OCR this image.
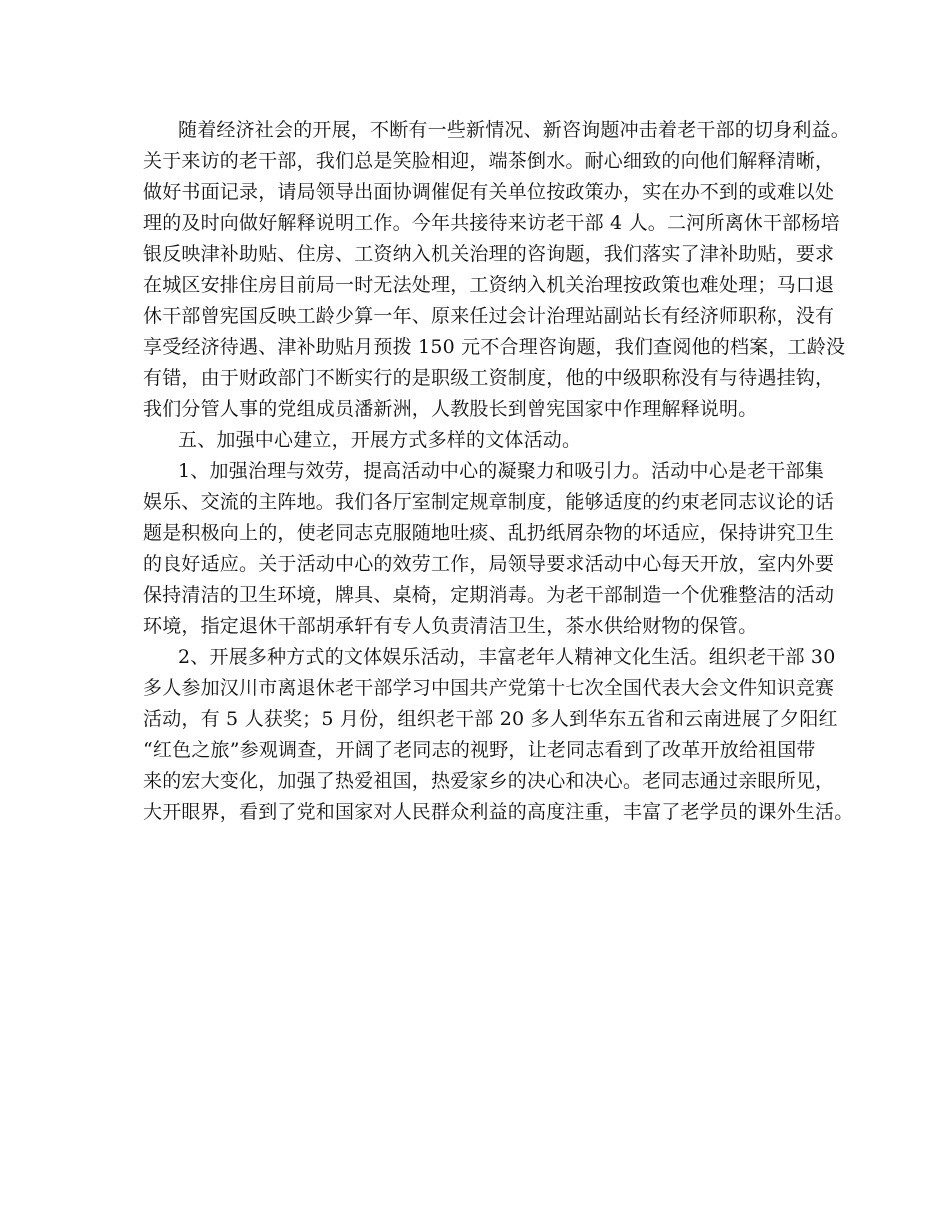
随着经济社会的开展，不断有一些新情况、新咨询题冲击着老干部的切身利益。
关于来访的老干部，我们总是笑脸相迎，端茶倒水。耐心细致的向他们解释清晰，
做好书面记录，请局领导出面协调催促有关单位按政策办，实在办不到的或难以处
理的及时向做好解释说明工作。今年共接待来访老干部 4 人。二河所离休干部杨培
银反映津补助贴、住房、工资纳入机关治理的咨询题，我们落实了津补助贴，要求
在城区安排住房目前局一时无法处理，工资纳入机关治理按政策也难处理；马口退
休干部曾宪国反映工龄少算一年、原来任过会计治理站副站长有经济师职称，没有
享受经济待遇、津补助贴月预拨 150 元不合理咨询题，我们查阅他的档案，工龄没
有错，由于财政部门不断实行的是职级工资制度，他的中级职称没有与待遇挂钩，
我们分管人事的党组成员潘新洲，人教股长到曾宪国家中作理解释说明。
五、加强中心建立，开展方式多样的文体活动。
1、加强治理与效劳，提高活动中心的凝聚力和吸引力。活动中心是老干部集
娱乐、交流的主阵地。我们各厅室制定规章制度，能够适度的约束老同志议论的话
题是积极向上的，使老同志克服随地吐痰、乱扔纸屑杂物的坏适应，保持讲究卫生
的良好适应。关于活动中心的效劳工作，局领导要求活动中心每天开放，室内外要
保持清洁的卫生环境，牌具、桌椅，定期消毒。为老干部制造一个优雅整洁的活动
环境，指定退休干部胡承轩有专人负责清洁卫生，茶水供给财物的保管。
2、开展多种方式的文体娱乐活动，丰富老年人精神文化生活。组织老干部 30
多人参加汉川市离退休老干部学习中国共产党第十七次全国代表大会文件知识竞赛
活动，有 5 人获奖；5 月份，组织老干部 20 多人到华东五省和云南进展了夕阳红
“红色之旅”参观调查，开阔了老同志的视野，让老同志看到了改革开放给祖国带
来的宏大变化，加强了热爱祖国，热爱家乡的决心和决心。老同志通过亲眼所见，
大开眼界，看到了党和国家对人民群众利益的高度注重，丰富了老学员的课外生活。
